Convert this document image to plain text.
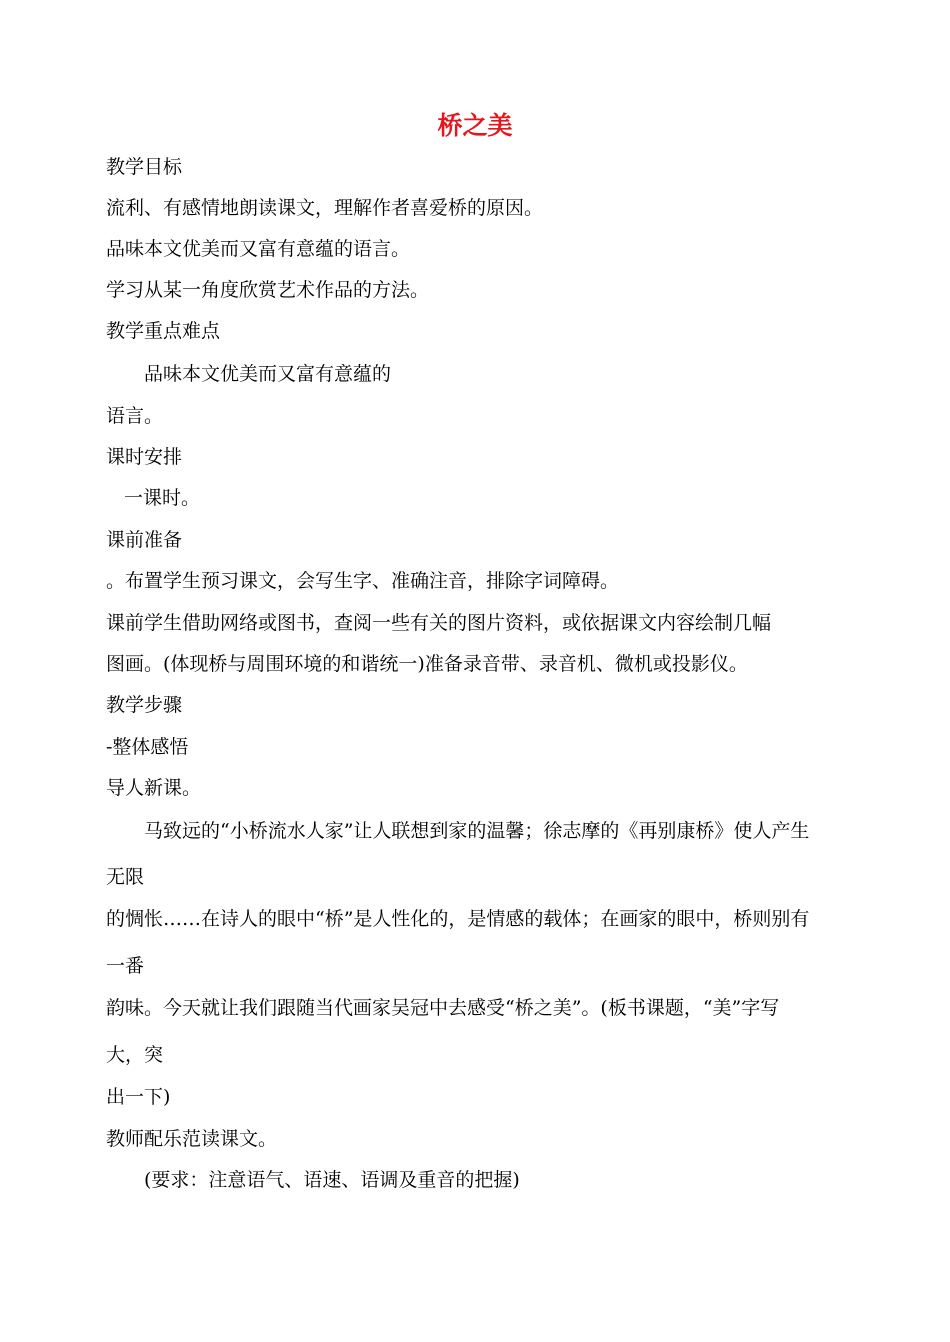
桥之美
教学目标
流利、有感情地朗读课文，理解作者喜爱桥的原因。
品味本文优美而又富有意蕴的语言。
学习从某一角度欣赏艺术作品的方法。
教学重点难点
品味本文优美而又富有意蕴的
语言。
课时安排
一课时。
课前准备
。布置学生预习课文，会写生字、准确注音，排除字词障碍。
课前学生借助网络或图书，查阅一些有关的图片资料，或依据课文内容绘制几幅
图画。(体现桥与周围环境的和谐统一)准备录音带、录音机、微机或投影仪。
教学步骤
-整体感悟
导人新课。
马致远的“小桥流水人家”让人联想到家的温馨；徐志摩的《再别康桥》使人产生
无限
的惆怅……在诗人的眼中“桥”是人性化的，是情感的载体；在画家的眼中，桥则别有
一番
韵味。今天就让我们跟随当代画家吴冠中去感受“桥之美”。(板书课题，“美”字写
大，突
出一下)
教师配乐范读课文。
(要求：注意语气、语速、语调及重音的把握)
